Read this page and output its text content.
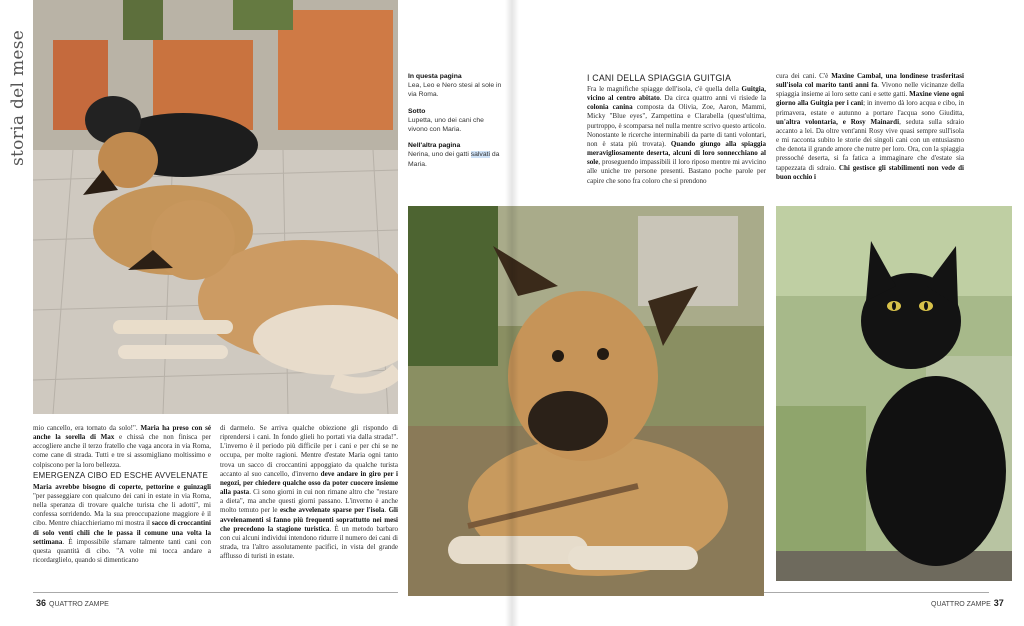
storia del mese	In questa pagina
Lea, Leo e Nero stesi al sole in via Roma.

Sotto
Lupetta, uno dei cani che vivono con Maria.

Nell'altra pagina
Nerina, uno dei gatti salvati da Maria.

mio cancello, era tornato da solo!". Maria ha preso con sé anche la sorella di Max e chissà che non finisca per accogliere anche il terzo fratello che vaga ancora in via Roma, come cane di strada. Tutti e tre si assomigliano moltissimo e colpiscono per la loro bellezza.

EMERGENZA CIBO ED ESCHE AVVELENATE

Maria avrebbe bisogno di coperte, pettorine e guinzagli "per passeggiare con qualcuno dei cani in estate in via Roma, nella speranza di trovare qualche turista che li adotti", mi confessa sorridendo. Ma la sua preoccupazione maggiore è il cibo. Mentre chiacchieriamo mi mostra il sacco di croccantini di solo venti chili che le passa il comune una volta la settimana. È impossibile sfamare talmente tanti cani con questa quantità di cibo. "A volte mi tocca andare a ricordarglielo, quando si dimenticano

di darmelo. Se arriva qualche obiezione gli rispondo di riprendersi i cani. In fondo glieli ho portati via dalla strada!". L'inverno è il periodo più difficile per i cani e per chi se ne occupa, per molte ragioni. Mentre d'estate Maria ogni tanto trova un sacco di croccantini appoggiato da qualche turista accanto al suo cancello, d'inverno deve andare in giro per i negozi, per chiedere qualche osso da poter cuocere insieme alla pasta. Ci sono giorni in cui non rimane altro che "restare a dieta", ma anche questi giorni passano. L'inverno è anche molto temuto per le esche avvelenate sparse per l'isola. Gli avvelenamenti si fanno più frequenti soprattutto nei mesi che precedono la stagione turistica. È un metodo barbaro con cui alcuni individui intendono ridurre il numero dei cani di strada, tra l'altro assolutamente pacifici, in vista del grande afflusso di turisti in estate.

36 QUATTRO ZAMPE
I CANI DELLA SPIAGGIA GUITGIA

Fra le magnifiche spiagge dell'isola, c'è quella della Guitgia, vicino al centro abitato. Da circa quattro anni vi risiede la colonia canina composta da Olivia, Zoe, Aaron, Mammi, Micky "Blue eyes", Zampettina e Clarabella (quest'ultima, purtroppo, è scomparsa nel nulla mentre scrivo questo articolo. Nonostante le ricerche interminabili da parte di tanti volontari, non è stata più trovata). Quando giungo alla spiaggia meravigliosamente deserta, alcuni di loro sonnecchiano al sole, proseguendo impassibili il loro riposo mentre mi avvicino alle uniche tre persone presenti. Bastano poche parole per capire che sono fra coloro che si prendono

cura dei cani. C'è Maxine Cambal, una londinese trasferitasi sull'isola col marito tanti anni fa. Vivono nelle vicinanze della spiaggia insieme ai loro sette cani e sette gatti. Maxine viene ogni giorno alla Guitgia per i cani; in inverno dà loro acqua e cibo, in primavera, estate e autunno a portare l'acqua sono Giuditta, un'altra volontaria, e Rosy Mainardi, seduta sulla sdraio accanto a lei. Da oltre vent'anni Rosy vive quasi sempre sull'isola e mi racconta subito le storie dei singoli cani con un entusiasmo che denota il grande amore che nutre per loro. Ora, con la spiaggia pressoché deserta, si fa fatica a immaginare che d'estate sia tappezzata di sdraio. Chi gestisce gli stabilimenti non vede di buon occhio i

QUATTRO ZAMPE 37
